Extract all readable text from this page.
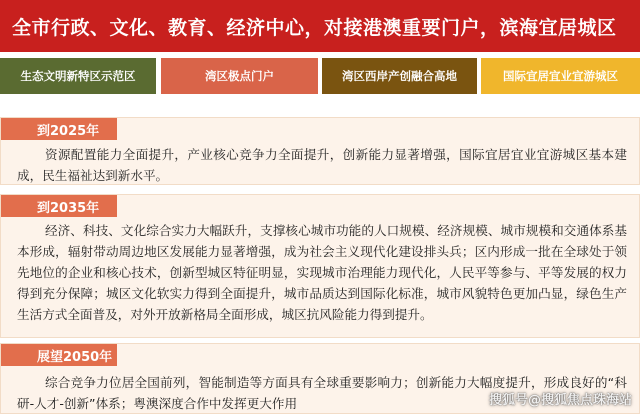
全市行政、文化、教育、经济中心，对接港澳重要门户，滨海宜居城区
生态文明新特区示范区	湾区极点门户	湾区西岸产创融合高地	国际宜居宜业宜游城区
到2025年

资源配置能力全面提升，产业核心竞争力全面提升，创新能力显著增强，国际宜居宜业宜游城区基本建成，民生福祉达到新水平。

到2035年

经济、科技、文化综合实力大幅跃升，支撑核心城市功能的人口规模、经济规模、城市规模和交通体系基本形成，辐射带动周边地区发展能力显著增强，成为社会主义现代化建设排头兵；区内形成一批在全球处于领先地位的企业和核心技术，创新型城区特征明显，实现城市治理能力现代化，人民平等参与、平等发展的权力得到充分保障；城区文化软实力得到全面提升，城市品质达到国际化标准，城市风貌特色更加凸显，绿色生产生活方式全面普及，对外开放新格局全面形成，城区抗风险能力得到提升。

展望2050年

综合竞争力位居全国前列，智能制造等方面具有全球重要影响力；创新能力大幅度提升，形成良好的“科研-人才-创新”体系；粤澳深度合作中发挥更大作用	搜狐号@搜狐焦点珠海站
